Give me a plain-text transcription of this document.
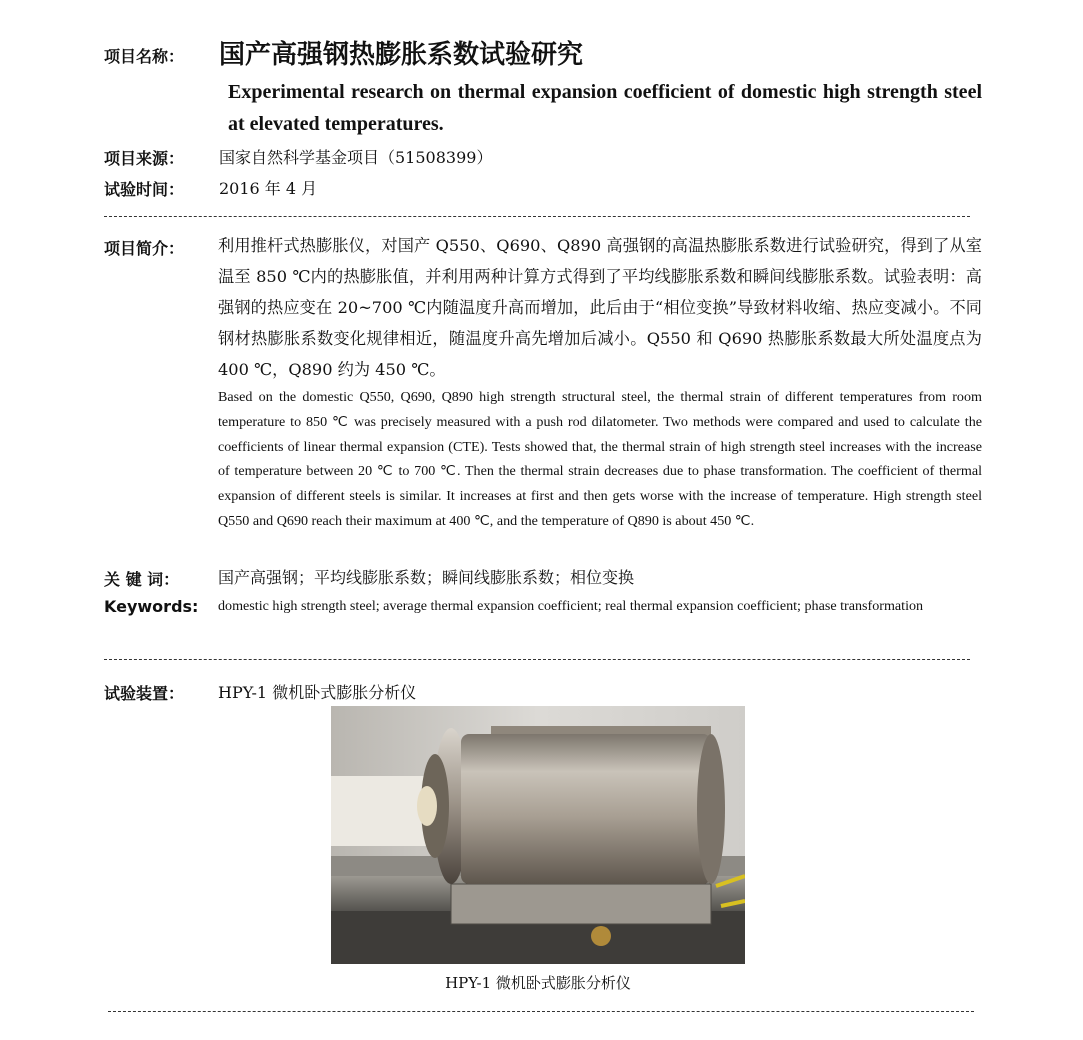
项目名称： 国产高强钢热膨胀系数试验研究
Experimental research on thermal expansion coefficient of domestic high strength steel at elevated temperatures.
项目来源： 国家自然科学基金项目（51508399）
试验时间： 2016 年 4 月
项目简介： 利用推杆式热膨胀仪，对国产 Q550、Q690、Q890 高强钢的高温热膨胀系数进行试验研究，得到了从室温至 850 ℃内的热膨胀值，并利用两种计算方式得到了平均线膨胀系数和瞬间线膨胀系数。试验表明：高强钢的热应变在 20~700 ℃内随温度升高而增加，此后由于“相位变换”导致材料收缩、热应变减小。不同钢材热膨胀系数变化规律相近，随温度升高先增加后减小。Q550 和 Q690 热膨胀系数最大所处温度点为 400 ℃，Q890 约为 450 ℃。
Based on the domestic Q550, Q690, Q890 high strength structural steel, the thermal strain of different temperatures from room temperature to 850 ℃ was precisely measured with a push rod dilatometer. Two methods were compared and used to calculate the coefficients of linear thermal expansion (CTE). Tests showed that, the thermal strain of high strength steel increases with the increase of temperature between 20 ℃ to 700 ℃. Then the thermal strain decreases due to phase transformation. The coefficient of thermal expansion of different steels is similar. It increases at first and then gets worse with the increase of temperature. High strength steel Q550 and Q690 reach their maximum at 400 ℃, and the temperature of Q890 is about 450 ℃.
关 键 词： 国产高强钢；平均线膨胀系数；瞬间线膨胀系数；相位变换
Keywords: domestic high strength steel; average thermal expansion coefficient; real thermal expansion coefficient; phase transformation
试验装置： HPY-1 微机卧式膨胀分析仪
HPY-1 微机卧式膨胀分析仪
